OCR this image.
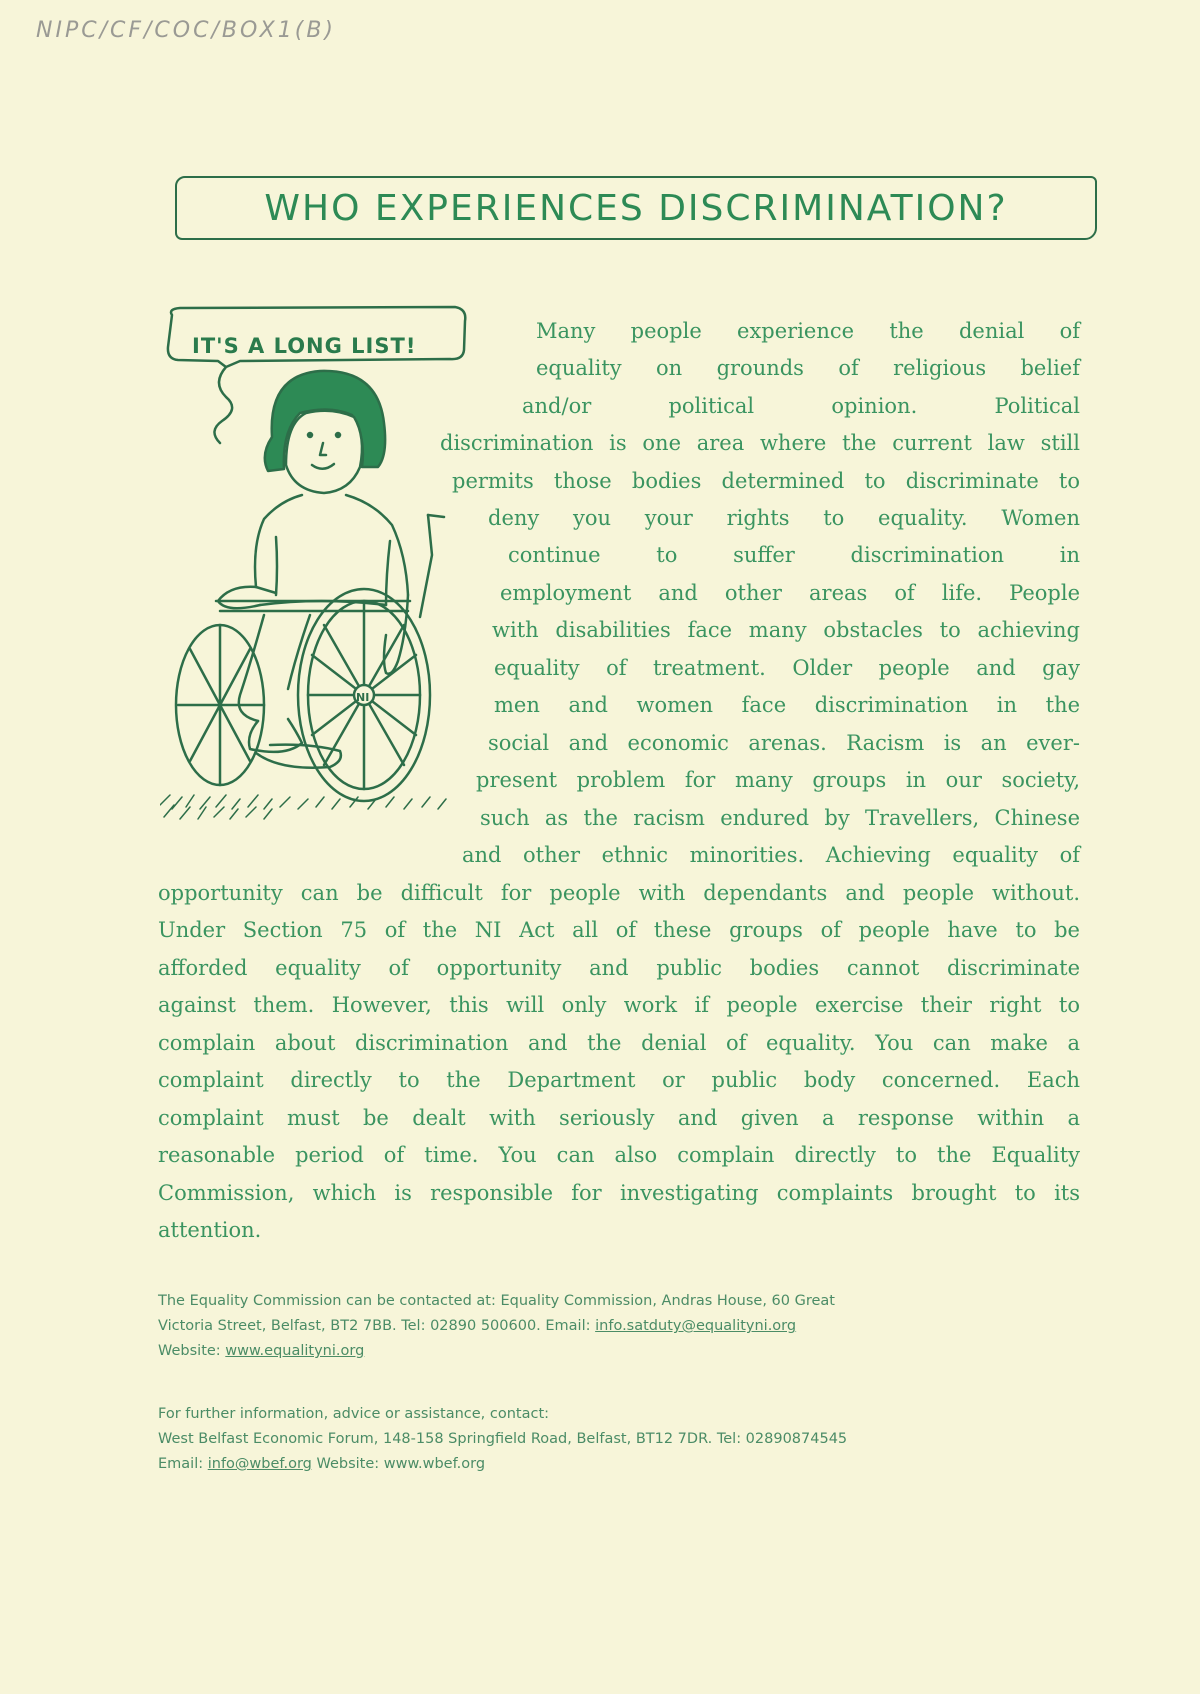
NIPC/CF/COC/BOX1(B)
WHO EXPERIENCES DISCRIMINATION?
NI
IT'S A LONG LIST!
Many people experience the denial of
equality on grounds of religious belief
and/or political opinion. Political
discrimination is one area where the current law still
permits those bodies determined to discriminate to
deny you your rights to equality. Women
continue to suffer discrimination in
employment and other areas of life. People
with disabilities face many obstacles to achieving
equality of treatment. Older people and gay
men and women face discrimination in the
social and economic arenas. Racism is an ever-
present problem for many groups in our society,
such as the racism endured by Travellers, Chinese
and other ethnic minorities. Achieving equality of
opportunity can be difficult for people with dependants and people without.
Under Section 75 of the NI Act all of these groups of people have to be
afforded equality of opportunity and public bodies cannot discriminate
against them. However, this will only work if people exercise their right to
complain about discrimination and the denial of equality. You can make a
complaint directly to the Department or public body concerned. Each
complaint must be dealt with seriously and given a response within a
reasonable period of time. You can also complain directly to the Equality
Commission, which is responsible for investigating complaints brought to its
attention.
The Equality Commission can be contacted at: Equality Commission, Andras House, 60 Great
Victoria Street, Belfast, BT2 7BB. Tel: 02890 500600. Email: info.satduty@equalityni.org
Website: www.equalityni.org
For further information, advice or assistance, contact:
West Belfast Economic Forum, 148-158 Springfield Road, Belfast, BT12 7DR. Tel: 02890874545
Email: info@wbef.org Website: www.wbef.org
